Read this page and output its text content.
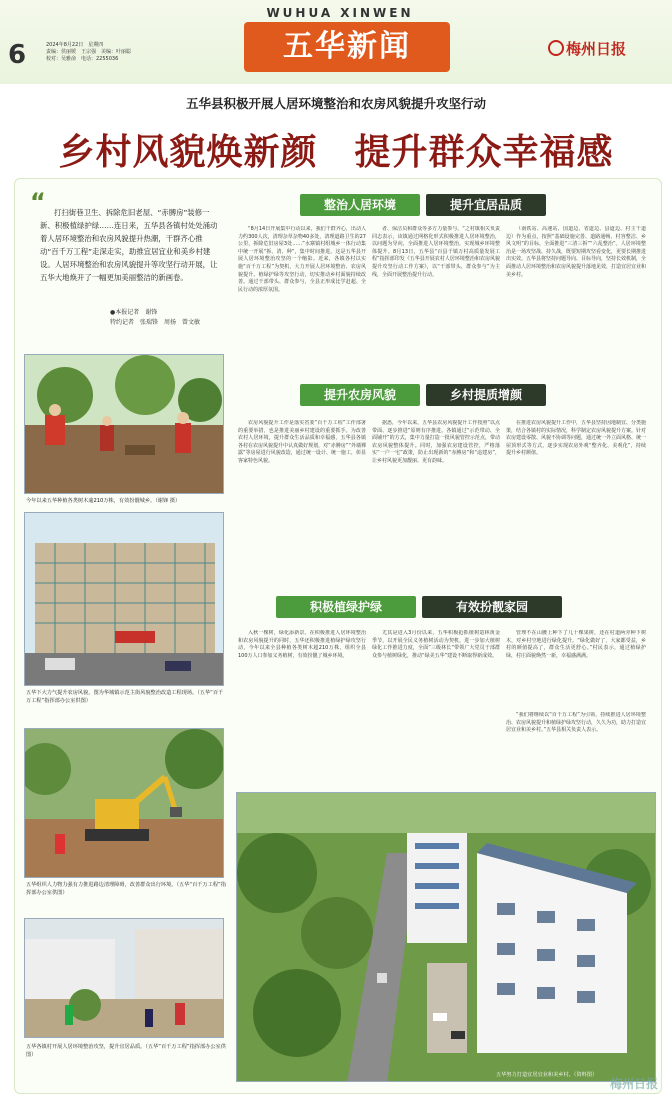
6	2024年8月22日　星期四
责编：侯丽媛　王宗强　美编：叶丽聪
校对：吴雅俞　电话：2255036
WUHUA XINWEN
五华新闻	梅州日报
五华县积极开展人居环境整治和农房风貌提升攻坚行动
乡村风貌焕新颜　提升群众幸福感
“	打扫街巷卫生、拆除危旧老屋、“赤膊房”装修一新、积极植绿护绿……连日来，五华县各镇村处处涌动着人居环境整治和农房风貌提升热潮，干群齐心推动“百千万工程”走深走实，助推宜居宜业和美乡村建设。人居环境整治和农房风貌提升等攻坚行动开展，让五华大地焕开了一幅更加美丽整洁的新画卷。
●本报记者　谢锋
特约记者　张瑞锋　周扬　曾文敏
今年以来五华种植各类树木逾210万株，有效扮靓城乡。（谢锋 摄）
五华下大力气提升农房风貌，图为华城镇示范主街风貌整治改造工程现场。（五华“百千万工程”指挥部办公室供图）
五华组织人力物力强有力推进路边清理障碍，改善群众出行环境。（五华“百千万工程”指挥部办公室供图）
五华各镇村开展人居环境整治攻坚，提升宜居品质。（五华“百千万工程”指挥部办公室供图）
整治人居环境	提升宜居品质

“8月14日开展集中行动以来，我们干群齐心，出动人力约300人次，清理杂草杂物40多处，清理道路卫生的27公里，拆除危旧房屋3处……”水寨镇村组城乡一体行动集中统一开展“拆、清、种”，集中时间推进。这是五华县开展人居环境整治攻坚的一个缩影。近来，各镇各村以实施“百千万工程”为契机，大力开展人居环境整治、农房风貌提升、植绿护绿等攻坚行动，切实推动乡村面貌持续改善。通过干部带头、群众参与，全县正形成比学赶超、全民行动的浓厚氛围。

者、保洁员和群众等多方力量参与。“之村镇相关负责同志表示，该镇通过网格化形式积极推进人居环境整治，以问题为导向，全面推进人居环境整治，实现城乡环境整体提升。8月13日，五华县“百县千镇万村高质量发展工程”指挥部印发《五华县开展农村人居环境整治和农房风貌提升攻坚行动工作方案》，以“干部带头、群众参与”为主线，全面开展整治提升行动。

（南铁站、高速站、国道边、省道边、县道边、村主干道边）作为重点，按照“基础设施完善、道路通畅、村容整洁、乡风文明”的目标，全面推进“三清三拆”“六乱整治”。人居环境整治是一场攻坚战、持久战，既要短期攻坚看变化，更要长期推进出实效。五华县将坚持问题导向、目标导向，坚持长效机制，全面推动人居环境整治和农房风貌提升落地见效，打造宜居宜业和美乡村。

提升农房风貌	乡村提质增颜

农房风貌提升工作是落实省委“百千万工程”工作部署的重要举措，也是推进美丽乡村建设的重要抓手。为改善农村人居环境，提升群众生活品质和幸福感，五华县各镇各村在农房风貌提升中认真做好规划，对“赤膊房”“外墙裸露”等房屋进行风貌改造，通过统一设计、统一施工，彰显客家特色风貌。

据悉，今年以来，五华县农房风貌提升工作按照“以点带面、逐步推进”原则有序推进。各镇通过“示范带动、全面铺开”的方式，集中力量打造一批风貌管控示范点，带动农房风貌整体提升。同时，加强农房建设管控，严格落实“一户一宅”政策，防止出现新的“赤膊房”和“违建房”，让乡村风貌更加靓丽、更有韵味。

在推进农房风貌提升工作中，五华县坚持因地制宜、分类施策，结合各镇村的实际情况，科学制定农房风貌提升方案。针对农房建设零散、风貌不协调等问题，通过统一外立面风格、统一屋顶形式等方式，逐步实现农房外观“整齐化、美观化”，持续提升乡村颜值。

积极植绿护绿	有效扮靓家园

入秋一棵树，绿化添新景。在积极推进人居环境整治和农房风貌提升的同时，五华还积极推进植绿护绿攻坚行动，今年以来全县种植各类树木超210万株，组织全县100万人口参加义务植树，有效扮靓了城乡环境。

尤其是进入3月份以来，五华积极抢抓植树造林黄金季节，以开展全民义务植树活动为契机，进一步加大植树绿化工作推进力度，全面“三级林长”带领广大党员干部群众参与植树绿化，推动“绿美五华”建设不断取得新成效。

管理不在山腰上种下了几十棵果树，还在村道两旁种下树木，对乡村空地进行绿化提升。“绿化做好了，大家都受益，乡村的颜值提高了，群众生活更舒心。”村民表示，通过植绿护绿，村庄面貌焕然一新，幸福感满满。

“我们将继续以“百千万工程”为引领，持续推进人居环境整治、农房风貌提升和植绿护绿攻坚行动，久久为功，助力打造宜居宜业和美乡村。”五华县相关负责人表示。

五华努力打造宜居宜业和美乡村。（资料图）
梅州日报
